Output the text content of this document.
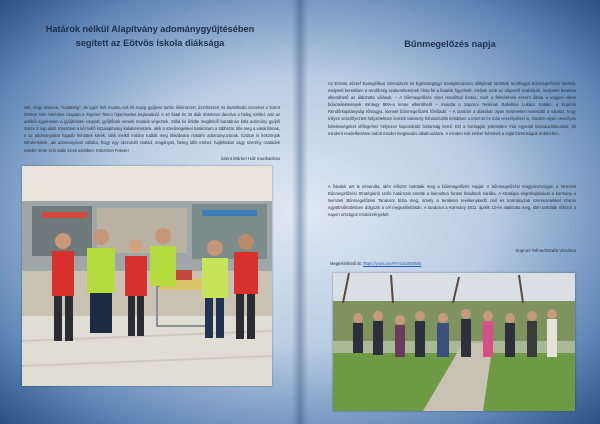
Határok nélkül Alapítvány adománygyűjtésében
segített az Eötvös iskola diáksága

Hét, négy szelesa, "mulatság", de igazi férfi munka volt fél napig gyűjteni tartós élelmiszert, tisztítószert és tisztálkodó szereket a Szent Márton Ház önkéntes csapata a Soproni Tesco hipermarket bejáratánál. A 10 fiatal és 25 diák önkéntes dacolva a hideg széllel, ami az adóból egyenesen a gyűjtésben csapott, gyűjtőnek nemek munkát végeztek. Stílid és őrlülte megfelelő baratánus köla adomány gyűjtő össze 2 nap alatt. Köszönet a két kellő közalapítvány kalaktéressünk, akik a szerűségekkel határozam a többször tőle meg a vásárlóknak, s az adományokat fogadó feinöttek kérék, diák melkő módon tudták meg tíkkábusra mindén adományozónak. Ezúton is köszönjük Mindenkinek, aki adományával vállalta, hogy egy rászoruló család, magányos, beteg idős ember, hajléktalan vagy szerény családek estebe öröm szín talán kicsit szebben. Köszönet Fekete!

Szent Márton Ház munkatársa
Bűnmegelőzés napja

Az Eötvös József Evangélikus Gimnázium és Egészségügyi Szakgimnázium diákjának tartottak rendhagyó bűnmegelőzési tanórát, melynek keretében a rendőrség szakembereinek hívta fel a fiatalok figyelmét, melyek azok az alapvető szabályok, melyeket betartva elkerülhető az áldozattá válásuk. – A bűnmegelőzés szeri rendőrkal fontos, mert a felmérések szerint általa a vagyon elleni bűncselekmények mintegy 80%-a lenne elkerülhető – mondta a Soproni Tenkinok Babelliné Lukács Katalin, a Soproni Rendőrkapitányság rőrnagya, kiemelt bűnmegelőzési főelőadó. – A tanórán a diákokat olyan területeken keresztül a választ, hogy milyen veszéllyeztett helyzetekben lennék valamely felhasználók körükben a internet és más veszélyekkel is, minden olyan veszélyes kötelességeket előlegehez helyezve kapcsolódó biztonság kerül. Ezt a honlapjuk jelentetten már egyedül kiszabadításokkal, és mindent rendelkezésre tudott mindet megtanulni alkalmazásra. A minden sok ember tehetnek a saját biztonságuk érdekében.

A fiatalok azt is elmondta, idén először tartották meg a bűnmegelőzés napját. A bűnmegelőzési Magyarországon a Nemzeti Bűnmegelőzési Stratégiáról szóló határozat emelte a kiemelten fontos feladatok sorába. A stratégia végrehajtásával a kormány a Nemzeti Bűnmegelőzési Tanácsot bízta meg, amely a területen tevékenykedő civil és kormányzati szervezetekkel szoros együttműködésben dolgozik a cél megvalósításán. A tanácsot a Kormány 2011. április 12-én alakította meg, idén tartották először a napon országos rendezvényeket.

Soproni Telme/Zsirafa Vicsáma
Megtekinthető itt: https://youtu.be/FHnzuUBWME
